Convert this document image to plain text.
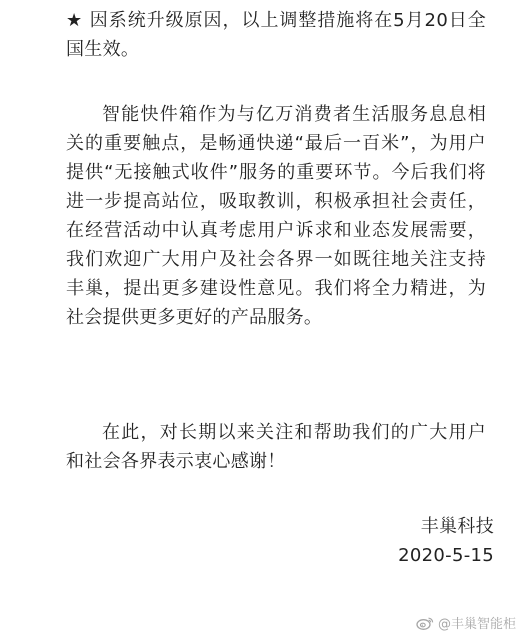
★ 因系统升级原因，以上调整措施将在5月20日全国生效。

智能快件箱作为与亿万消费者生活服务息息相关的重要触点，是畅通快递“最后一百米”，为用户提供“无接触式收件”服务的重要环节。今后我们将进一步提高站位，吸取教训，积极承担社会责任，在经营活动中认真考虑用户诉求和业态发展需要，我们欢迎广大用户及社会各界一如既往地关注支持丰巢，提出更多建设性意见。我们将全力精进，为社会提供更多更好的产品服务。

在此，对长期以来关注和帮助我们的广大用户和社会各界表示衷心感谢！

丰巢科技

2020-5-15

@丰巢智能柜
